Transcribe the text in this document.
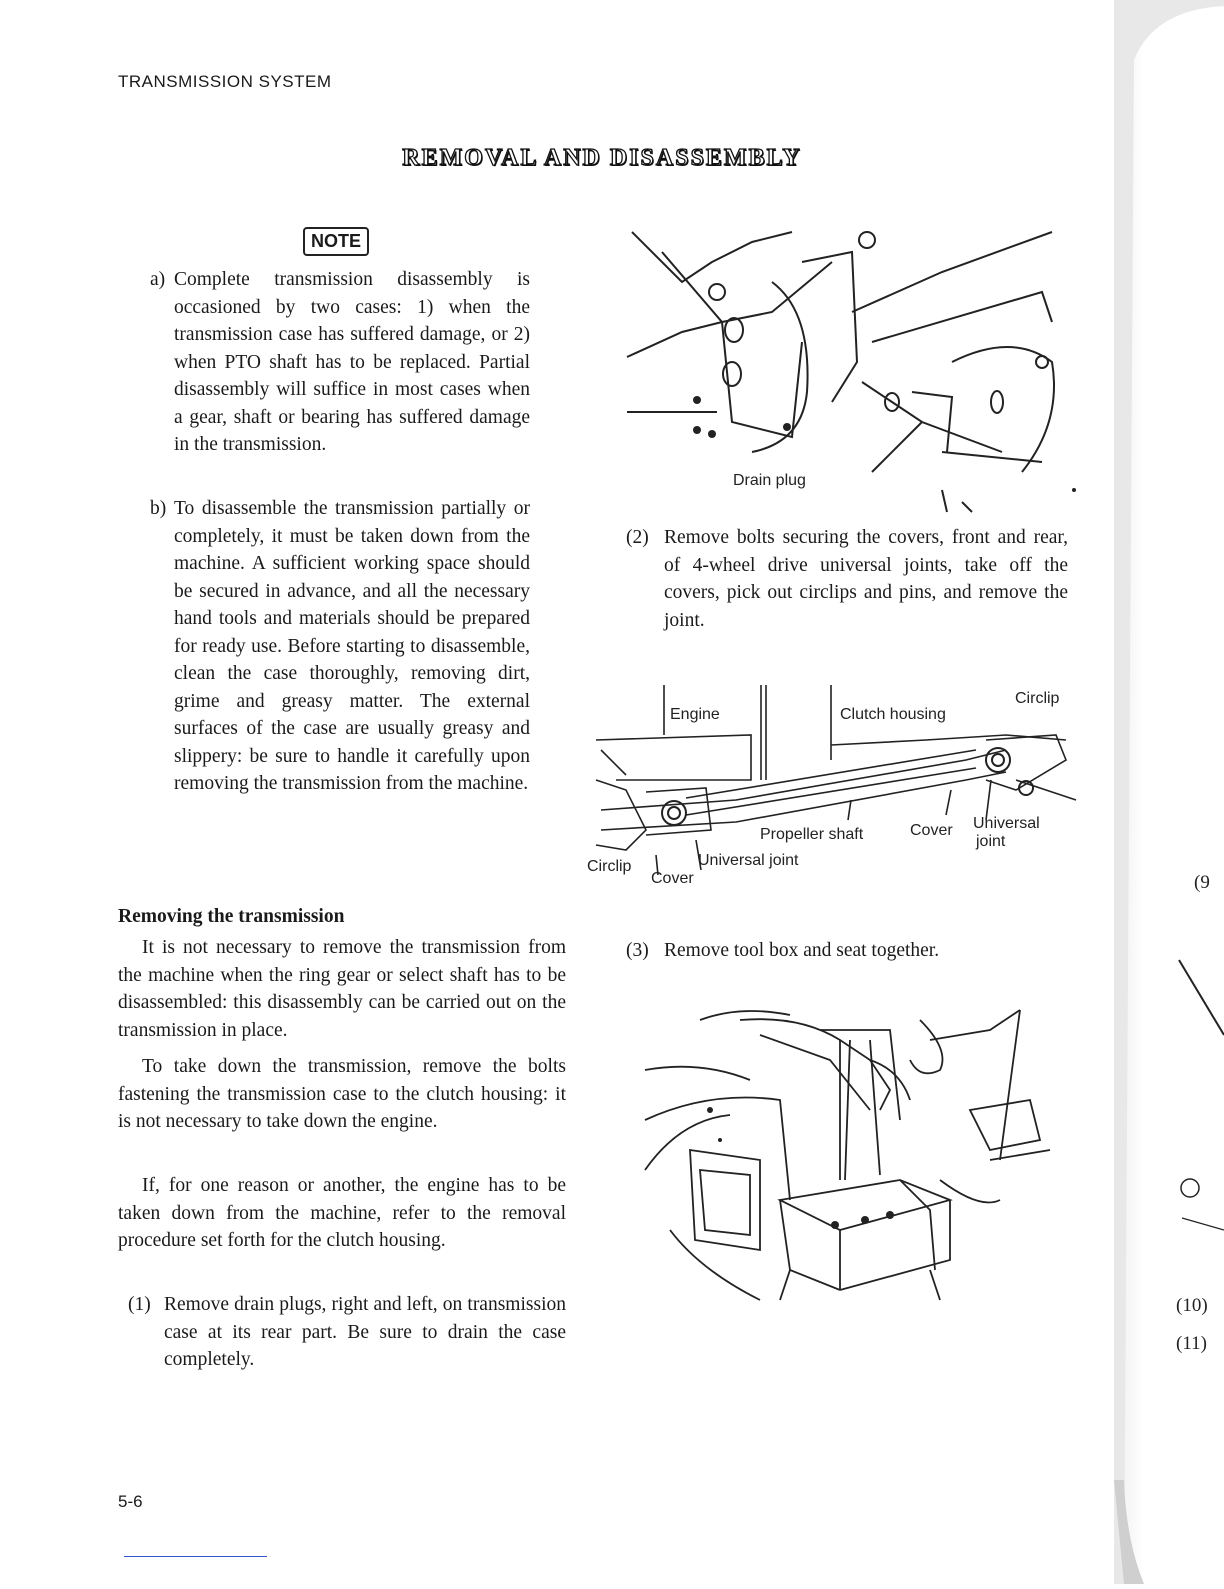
TRANSMISSION SYSTEM
REMOVAL AND DISASSEMBLY
NOTE
a) Complete transmission disassembly is occasioned by two cases: 1) when the transmission case has suffered damage, or 2) when PTO shaft has to be replaced. Partial disassembly will suffice in most cases when a gear, shaft or bearing has suffered damage in the transmission.
b) To disassemble the transmission partially or completely, it must be taken down from the machine. A sufficient working space should be secured in advance, and all the necessary hand tools and materials should be prepared for ready use. Before starting to disassemble, clean the case thoroughly, removing dirt, grime and greasy matter. The external surfaces of the case are usually greasy and slippery: be sure to handle it carefully upon removing the transmission from the machine.
Removing the transmission
It is not necessary to remove the transmission from the machine when the ring gear or select shaft has to be disassembled: this disassembly can be carried out on the transmission in place.
To take down the transmission, remove the bolts fastening the transmission case to the clutch housing: it is not necessary to take down the engine.
If, for one reason or another, the engine has to be taken down from the machine, refer to the removal procedure set forth for the clutch housing.
(1) Remove drain plugs, right and left, on transmission case at its rear part. Be sure to drain the case completely.
Drain plug
(2) Remove bolts securing the covers, front and rear, of 4-wheel drive universal joints, take off the covers, pick out circlips and pins, and remove the joint.
Engine	Clutch housing
Circlip
Propeller shaft	Cover Universal
joint
Circlip	Universal joint
Cover
(3) Remove tool box and seat together.
5-6
(9
(10)
(11)
